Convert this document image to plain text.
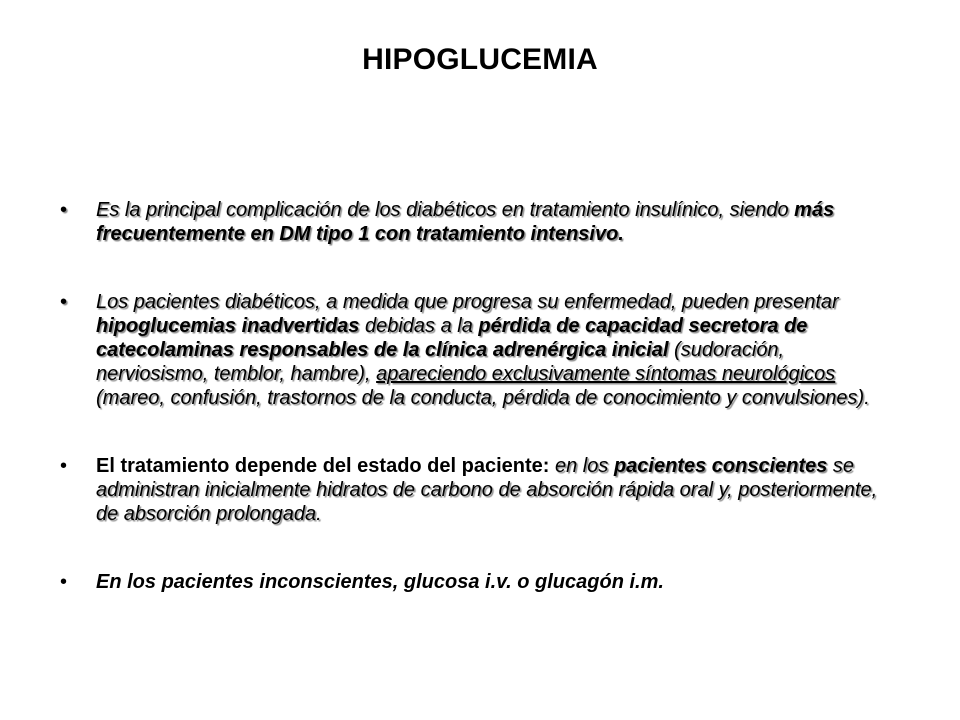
HIPOGLUCEMIA
•	Es la principal complicación de los diabéticos en tratamiento insulínico, siendo más frecuentemente en DM tipo 1 con tratamiento intensivo.
•	Los pacientes diabéticos, a medida que progresa su enfermedad, pueden presentar hipoglucemias inadvertidas debidas a la pérdida de capacidad secretora de catecolaminas responsables de la clínica adrenérgica inicial (sudoración, nerviosismo, temblor, hambre), apareciendo exclusivamente síntomas neurológicos (mareo, confusión, trastornos de la conducta, pérdida de conocimiento y convulsiones).
•	El tratamiento depende del estado del paciente: en los pacientes conscientes se administran inicialmente hidratos de carbono de absorción rápida oral y, posteriormente, de absorción prolongada.
•	En los pacientes inconscientes, glucosa i.v. o glucagón i.m.
